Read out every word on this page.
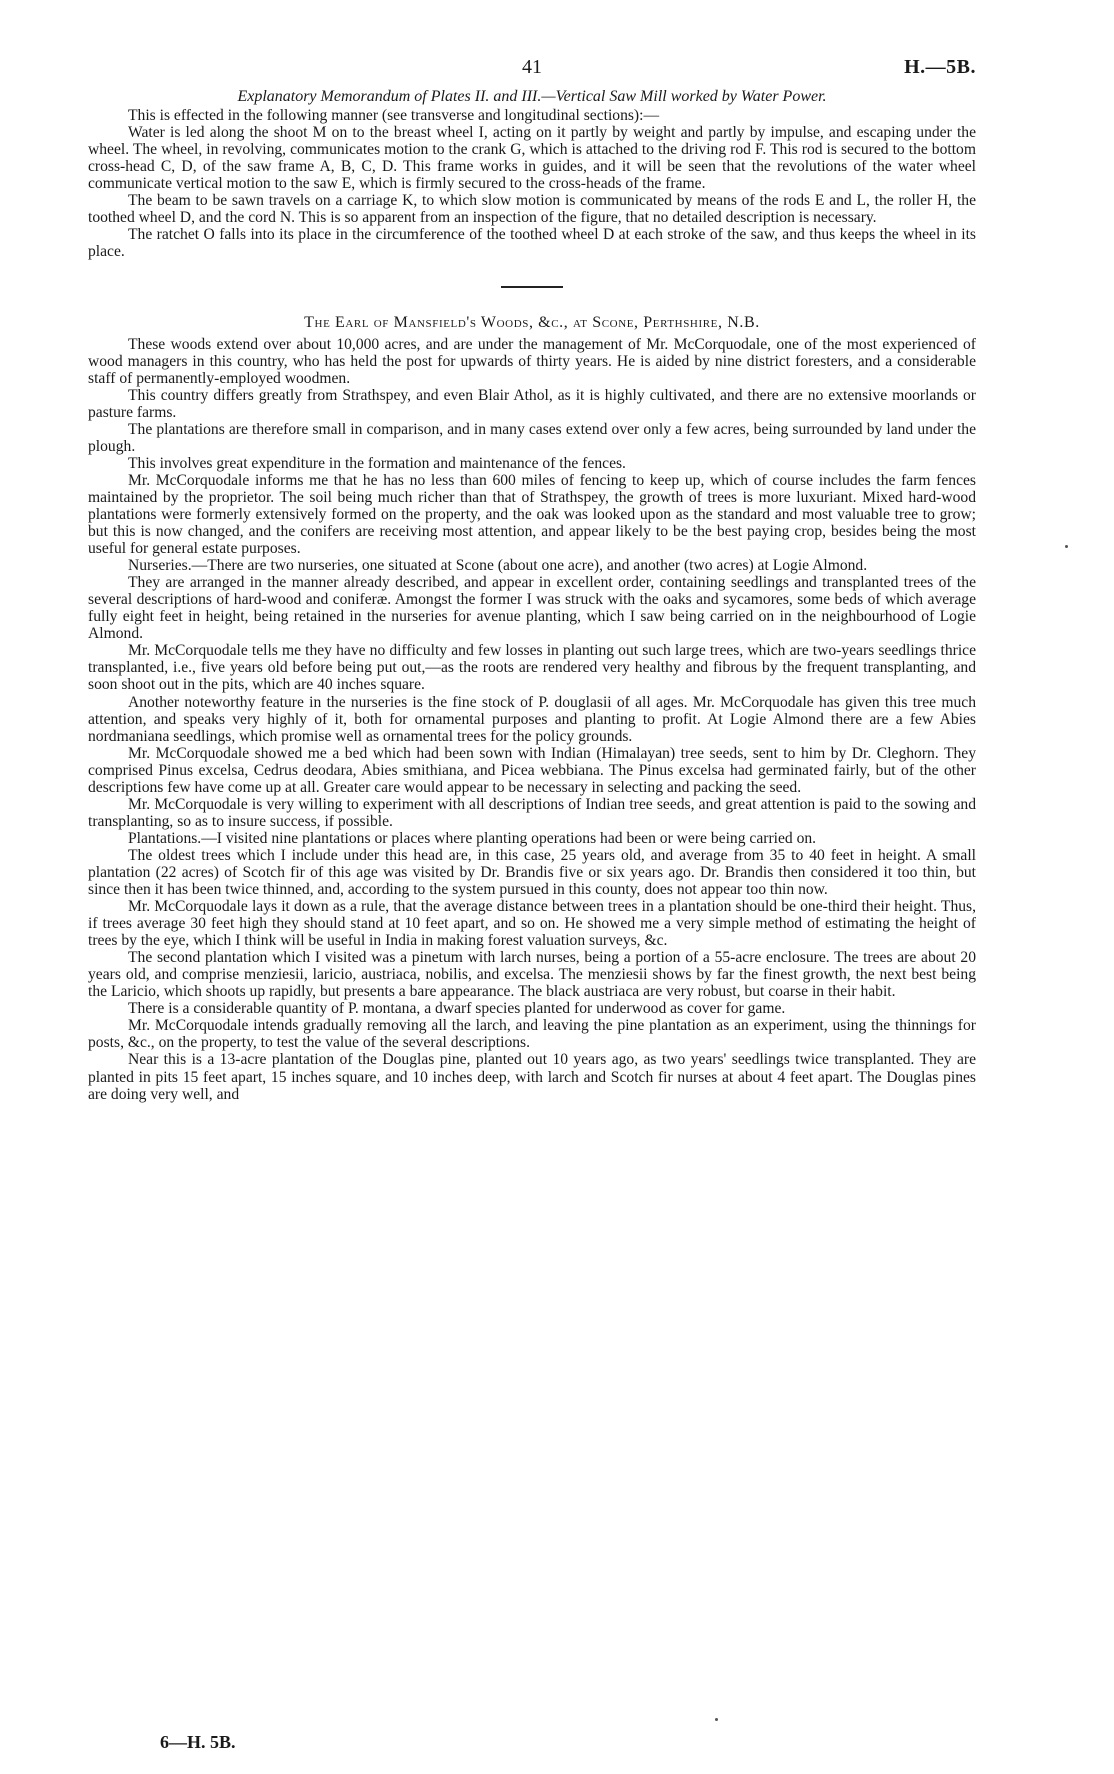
41	H.—5B.
Explanatory Memorandum of Plates II. and III.—Vertical Saw Mill worked by Water Power.

This is effected in the following manner (see transverse and longitudinal sections):—

Water is led along the shoot M on to the breast wheel I, acting on it partly by weight and partly by impulse, and escaping under the wheel. The wheel, in revolving, communicates motion to the crank G, which is attached to the driving rod F. This rod is secured to the bottom cross-head C, D, of the saw frame A, B, C, D. This frame works in guides, and it will be seen that the revolutions of the water wheel communicate vertical motion to the saw E, which is firmly secured to the cross-heads of the frame.

The beam to be sawn travels on a carriage K, to which slow motion is communicated by means of the rods E and L, the roller H, the toothed wheel D, and the cord N. This is so apparent from an inspection of the figure, that no detailed description is necessary.

The ratchet O falls into its place in the circumference of the toothed wheel D at each stroke of the saw, and thus keeps the wheel in its place.

The Earl of Mansfield's Woods, &c., at Scone, Perthshire, N.B.

These woods extend over about 10,000 acres, and are under the management of Mr. McCorquodale, one of the most experienced of wood managers in this country, who has held the post for upwards of thirty years. He is aided by nine district foresters, and a considerable staff of permanently-employed woodmen.

This country differs greatly from Strathspey, and even Blair Athol, as it is highly cultivated, and there are no extensive moorlands or pasture farms.

The plantations are therefore small in comparison, and in many cases extend over only a few acres, being surrounded by land under the plough.

This involves great expenditure in the formation and maintenance of the fences.

Mr. McCorquodale informs me that he has no less than 600 miles of fencing to keep up, which of course includes the farm fences maintained by the proprietor. The soil being much richer than that of Strathspey, the growth of trees is more luxuriant. Mixed hard-wood plantations were formerly extensively formed on the property, and the oak was looked upon as the standard and most valuable tree to grow; but this is now changed, and the conifers are receiving most attention, and appear likely to be the best paying crop, besides being the most useful for general estate purposes.

Nurseries.—There are two nurseries, one situated at Scone (about one acre), and another (two acres) at Logie Almond.

They are arranged in the manner already described, and appear in excellent order, containing seedlings and transplanted trees of the several descriptions of hard-wood and coniferæ. Amongst the former I was struck with the oaks and sycamores, some beds of which average fully eight feet in height, being retained in the nurseries for avenue planting, which I saw being carried on in the neighbourhood of Logie Almond.

Mr. McCorquodale tells me they have no difficulty and few losses in planting out such large trees, which are two-years seedlings thrice transplanted, i.e., five years old before being put out,—as the roots are rendered very healthy and fibrous by the frequent transplanting, and soon shoot out in the pits, which are 40 inches square.

Another noteworthy feature in the nurseries is the fine stock of P. douglasii of all ages. Mr. McCorquodale has given this tree much attention, and speaks very highly of it, both for ornamental purposes and planting to profit. At Logie Almond there are a few Abies nordmaniana seedlings, which promise well as ornamental trees for the policy grounds.

Mr. McCorquodale showed me a bed which had been sown with Indian (Himalayan) tree seeds, sent to him by Dr. Cleghorn. They comprised Pinus excelsa, Cedrus deodara, Abies smithiana, and Picea webbiana. The Pinus excelsa had germinated fairly, but of the other descriptions few have come up at all. Greater care would appear to be necessary in selecting and packing the seed.

Mr. McCorquodale is very willing to experiment with all descriptions of Indian tree seeds, and great attention is paid to the sowing and transplanting, so as to insure success, if possible.

Plantations.—I visited nine plantations or places where planting operations had been or were being carried on.

The oldest trees which I include under this head are, in this case, 25 years old, and average from 35 to 40 feet in height. A small plantation (22 acres) of Scotch fir of this age was visited by Dr. Brandis five or six years ago. Dr. Brandis then considered it too thin, but since then it has been twice thinned, and, according to the system pursued in this county, does not appear too thin now.

Mr. McCorquodale lays it down as a rule, that the average distance between trees in a plantation should be one-third their height. Thus, if trees average 30 feet high they should stand at 10 feet apart, and so on. He showed me a very simple method of estimating the height of trees by the eye, which I think will be useful in India in making forest valuation surveys, &c.

The second plantation which I visited was a pinetum with larch nurses, being a portion of a 55-acre enclosure. The trees are about 20 years old, and comprise menziesii, laricio, austriaca, nobilis, and excelsa. The menziesii shows by far the finest growth, the next best being the Laricio, which shoots up rapidly, but presents a bare appearance. The black austriaca are very robust, but coarse in their habit.

There is a considerable quantity of P. montana, a dwarf species planted for underwood as cover for game.

Mr. McCorquodale intends gradually removing all the larch, and leaving the pine plantation as an experiment, using the thinnings for posts, &c., on the property, to test the value of the several descriptions.

Near this is a 13-acre plantation of the Douglas pine, planted out 10 years ago, as two years' seedlings twice transplanted. They are planted in pits 15 feet apart, 15 inches square, and 10 inches deep, with larch and Scotch fir nurses at about 4 feet apart. The Douglas pines are doing very well, and

6—H. 5B.
